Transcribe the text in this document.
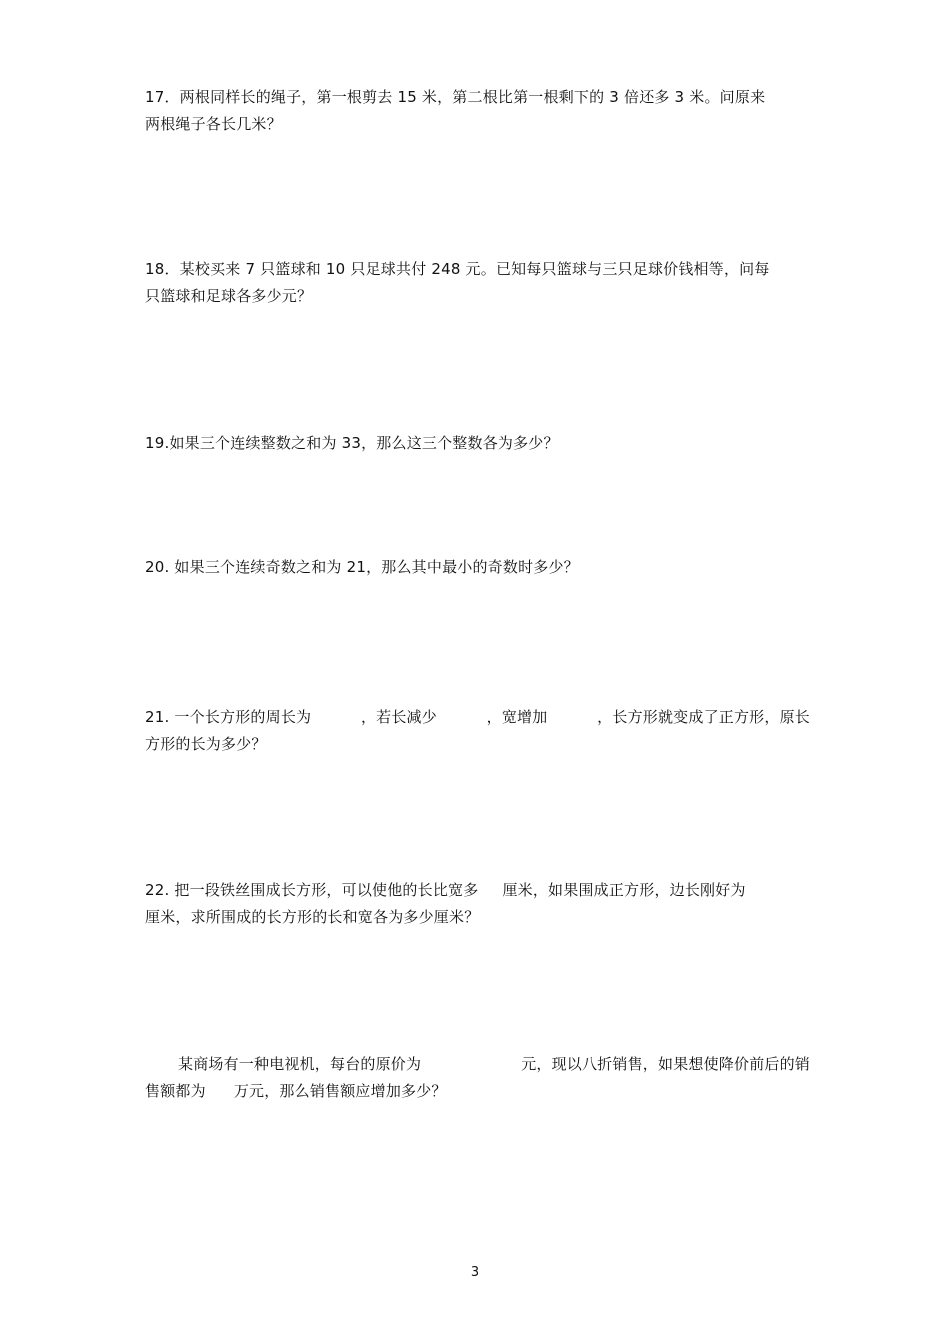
17．两根同样长的绳子，第一根剪去 15 米，第二根比第一根剩下的 3 倍还多 3 米。问原来
两根绳子各长几米？
18．某校买来 7 只篮球和 10 只足球共付 248 元。已知每只篮球与三只足球价钱相等，问每
只篮球和足球各多少元？
19.如果三个连续整数之和为 33，那么这三个整数各为多少？
20. 如果三个连续奇数之和为 21，那么其中最小的奇数时多少？
21. 一个长方形的周长为	，若长减少	，宽增加	，长方形就变成了正方形，原长
方形的长为多少？
22. 把一段铁丝围成长方形，可以使他的长比宽多 厘米，如果围成正方形，边长刚好为
厘米，求所围成的长方形的长和宽各为多少厘米？
某商场有一种电视机，每台的原价为	元，现以八折销售，如果想使降价前后的销
售额都为 万元，那么销售额应增加多少？
3
